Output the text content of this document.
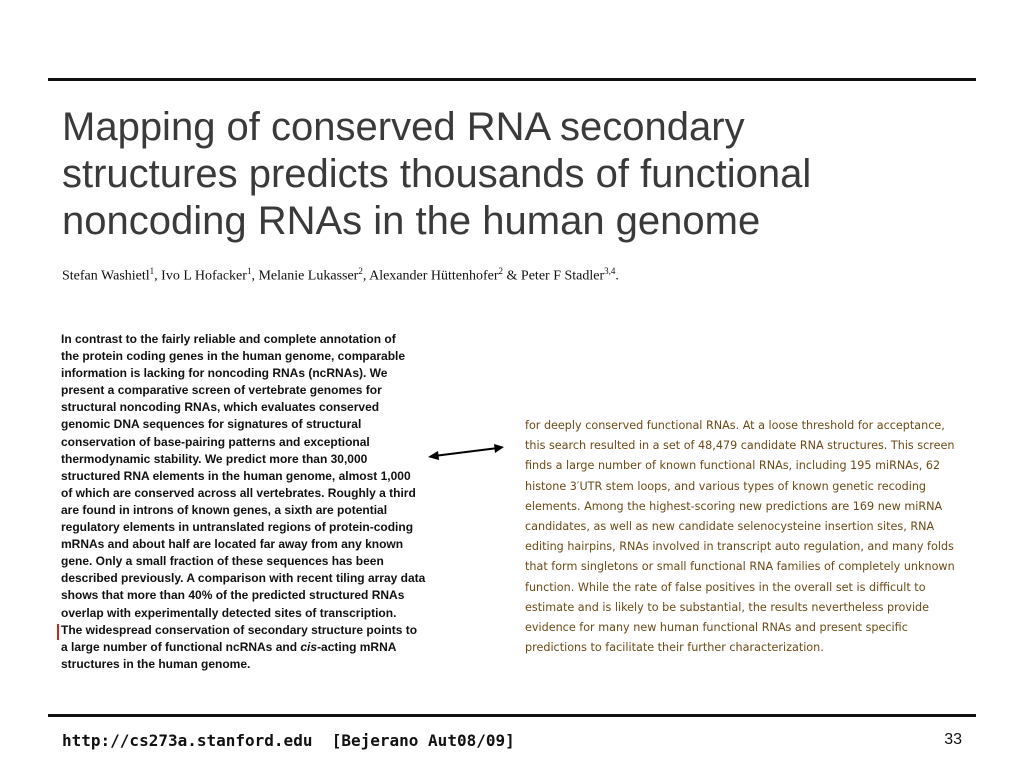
Mapping of conserved RNA secondary
structures predicts thousands of functional
noncoding RNAs in the human genome
Stefan Washietl$^1$, Ivo L Hofacker$^1$, Melanie Lukasser$^2$, Alexander Hüttenhofer$^2$ & Peter F Stadler$^{3,4}$.
In contrast to the fairly reliable and complete annotation of
the protein coding genes in the human genome, comparable
information is lacking for noncoding RNAs (ncRNAs). We
present a comparative screen of vertebrate genomes for
structural noncoding RNAs, which evaluates conserved
genomic DNA sequences for signatures of structural
conservation of base-pairing patterns and exceptional
thermodynamic stability. We predict more than 30,000
structured RNA elements in the human genome, almost 1,000
of which are conserved across all vertebrates. Roughly a third
are found in introns of known genes, a sixth are potential
regulatory elements in untranslated regions of protein-coding
mRNAs and about half are located far away from any known
gene. Only a small fraction of these sequences has been
described previously. A comparison with recent tiling array data
shows that more than 40% of the predicted structured RNAs
overlap with experimentally detected sites of transcription.
The widespread conservation of secondary structure points to
a large number of functional ncRNAs and cis-acting mRNA
structures in the human genome.
for deeply conserved functional RNAs. At a loose threshold for acceptance,
this search resulted in a set of 48,479 candidate RNA structures. This screen
finds a large number of known functional RNAs, including 195 miRNAs, 62
histone 3′UTR stem loops, and various types of known genetic recoding
elements. Among the highest-scoring new predictions are 169 new miRNA
candidates, as well as new candidate selenocysteine insertion sites, RNA
editing hairpins, RNAs involved in transcript auto regulation, and many folds
that form singletons or small functional RNA families of completely unknown
function. While the rate of false positives in the overall set is difficult to
estimate and is likely to be substantial, the results nevertheless provide
evidence for many new human functional RNAs and present specific
predictions to facilitate their further characterization.
http://cs273a.stanford.edu  [Bejerano Aut08/09]	33
